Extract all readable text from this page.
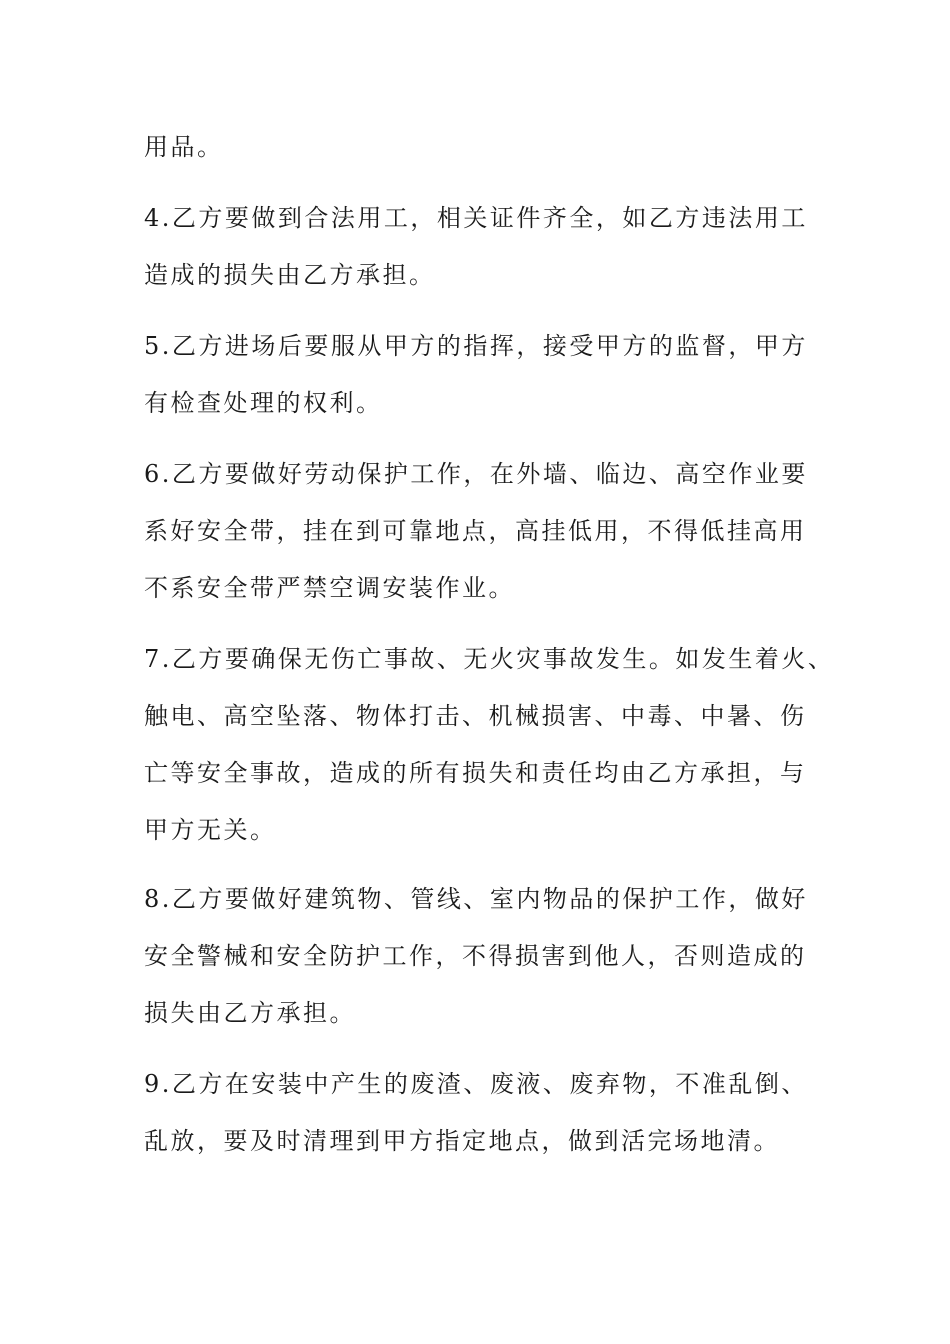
用品。
4.乙方要做到合法用工，相关证件齐全，如乙方违法用工
造成的损失由乙方承担。
5.乙方进场后要服从甲方的指挥，接受甲方的监督，甲方
有检查处理的权利。
6.乙方要做好劳动保护工作，在外墙、临边、高空作业要
系好安全带，挂在到可靠地点，高挂低用，不得低挂高用
不系安全带严禁空调安装作业。
7.乙方要确保无伤亡事故、无火灾事故发生。如发生着火、
触电、高空坠落、物体打击、机械损害、中毒、中暑、伤
亡等安全事故，造成的所有损失和责任均由乙方承担，与
甲方无关。
8.乙方要做好建筑物、管线、室内物品的保护工作，做好
安全警械和安全防护工作，不得损害到他人，否则造成的
损失由乙方承担。
9.乙方在安装中产生的废渣、废液、废弃物，不准乱倒、
乱放，要及时清理到甲方指定地点，做到活完场地清。
